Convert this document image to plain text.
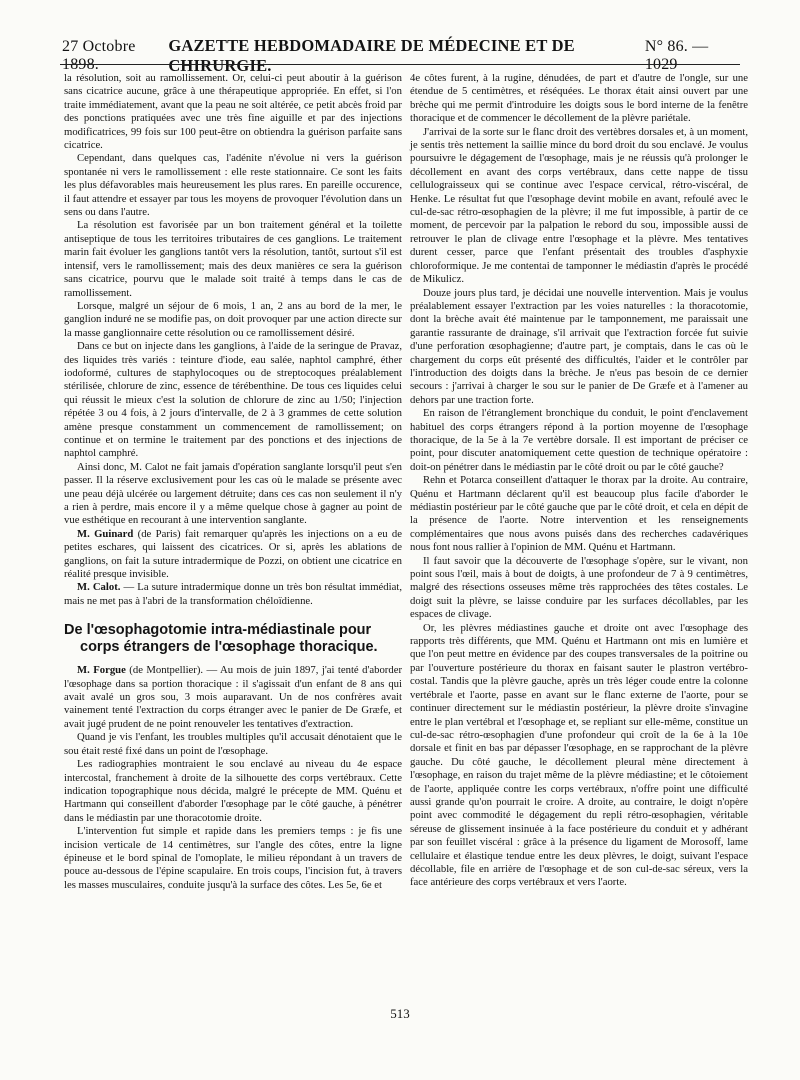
27 Octobre 1898.
GAZETTE HEBDOMADAIRE DE MÉDECINE ET DE CHIRURGIE.
N° 86. — 1029

la résolution, soit au ramollissement. Or, celui-ci peut aboutir à la guérison sans cicatrice aucune, grâce à une thérapeutique appropriée. En effet, si l'on traite immédiatement, avant que la peau ne soit altérée, ce petit abcès froid par des ponctions pratiquées avec une très fine aiguille et par des injections modificatrices, 99 fois sur 100 peut-être on obtiendra la guérison parfaite sans cicatrice.

Cependant, dans quelques cas, l'adénite n'évolue ni vers la guérison spontanée ni vers le ramollissement : elle reste stationnaire. Ce sont les faits les plus défavorables mais heureusement les plus rares. En pareille occurence, il faut attendre et essayer par tous les moyens de provoquer l'évolution dans un sens ou dans l'autre.

La résolution est favorisée par un bon traitement général et la toilette antiseptique de tous les territoires tributaires de ces ganglions. Le traitement marin fait évoluer les ganglions tantôt vers la résolution, tantôt, surtout s'il est intensif, vers le ramollissement; mais des deux manières ce sera la guérison sans cicatrice, pourvu que le malade soit traité à temps dans le cas de ramollissement.

Lorsque, malgré un séjour de 6 mois, 1 an, 2 ans au bord de la mer, le ganglion induré ne se modifie pas, on doit provoquer par une action directe sur la masse ganglionnaire cette résolution ou ce ramollissement désiré.

Dans ce but on injecte dans les ganglions, à l'aide de la seringue de Pravaz, des liquides très variés : teinture d'iode, eau salée, naphtol camphré, éther iodoformé, cultures de staphylocoques ou de streptocoques préalablement stérilisée, chlorure de zinc, essence de térébenthine. De tous ces liquides celui qui réussit le mieux c'est la solution de chlorure de zinc au 1/50; l'injection répétée 3 ou 4 fois, à 2 jours d'intervalle, de 2 à 3 grammes de cette solution amène presque constamment un commencement de ramollissement; on continue et on termine le traitement par des ponctions et des injections de naphtol camphré.

Ainsi donc, M. Calot ne fait jamais d'opération sanglante lorsqu'il peut s'en passer. Il la réserve exclusivement pour les cas où le malade se présente avec une peau déjà ulcérée ou largement détruite; dans ces cas non seulement il n'y a rien à perdre, mais encore il y a même quelque chose à gagner au point de vue esthétique en recourant à une intervention sanglante.

M. Guinard (de Paris) fait remarquer qu'après les injections on a eu de petites eschares, qui laissent des cicatrices. Or si, après les ablations de ganglions, on fait la suture intradermique de Pozzi, on obtient une cicatrice en réalité presque invisible.

M. Calot. — La suture intradermique donne un très bon résultat immédiat, mais ne met pas à l'abri de la transformation chéloïdienne.

De l'œsophagotomie intra-médiastinale pour
corps étrangers de l'œsophage thoracique.

M. Forgue (de Montpellier). — Au mois de juin 1897, j'ai tenté d'aborder l'œsophage dans sa portion thoracique : il s'agissait d'un enfant de 8 ans qui avait avalé un gros sou, 3 mois auparavant. Un de nos confrères avait vainement tenté l'extraction du corps étranger avec le panier de De Græfe, et avait jugé prudent de ne point renouveler les tentatives d'extraction.

Quand je vis l'enfant, les troubles multiples qu'il accusait dénotaient que le sou était resté fixé dans un point de l'œsophage.

Les radiographies montraient le sou enclavé au niveau du 4e espace intercostal, franchement à droite de la silhouette des corps vertébraux. Cette indication topographique nous décida, malgré le précepte de MM. Quénu et Hartmann qui conseillent d'aborder l'œsophage par le côté gauche, à pénétrer dans le médiastin par une thoracotomie droite.

L'intervention fut simple et rapide dans les premiers temps : je fis une incision verticale de 14 centimètres, sur l'angle des côtes, entre la ligne épineuse et le bord spinal de l'omoplate, le milieu répondant à un travers de pouce au-dessous de l'épine scapulaire. En trois coups, l'incision fut, à travers les masses musculaires, conduite jusqu'à la surface des côtes. Les 5e, 6e et

4e côtes furent, à la rugine, dénudées, de part et d'autre de l'ongle, sur une étendue de 5 centimètres, et réséquées. Le thorax était ainsi ouvert par une brèche qui me permit d'introduire les doigts sous le bord interne de la fenêtre thoracique et de commencer le décollement de la plèvre pariétale.

J'arrivai de la sorte sur le flanc droit des vertèbres dorsales et, à un moment, je sentis très nettement la saillie mince du bord droit du sou enclavé. Je voulus poursuivre le dégagement de l'œsophage, mais je ne réussis qu'à prolonger le décollement en avant des corps vertébraux, dans cette nappe de tissu cellulograisseux qui se continue avec l'espace cervical, rétro-viscéral, de Henke. Le résultat fut que l'œsophage devint mobile en avant, refoulé avec le cul-de-sac rétro-œsophagien de la plèvre; il me fut impossible, à partir de ce moment, de percevoir par la palpation le rebord du sou, impossible aussi de retrouver le plan de clivage entre l'œsophage et la plèvre. Mes tentatives durent cesser, parce que l'enfant présentait des troubles d'asphyxie chloroformique. Je me contentai de tamponner le médiastin d'après le procédé de Mikulicz.

Douze jours plus tard, je décidai une nouvelle intervention. Mais je voulus préalablement essayer l'extraction par les voies naturelles : la thoracotomie, dont la brèche avait été maintenue par le tamponnement, me paraissait une garantie rassurante de drainage, s'il arrivait que l'extraction forcée fut suivie d'une perforation œsophagienne; d'autre part, je comptais, dans le cas où le chargement du corps eût présenté des difficultés, l'aider et le contrôler par l'introduction des doigts dans la brèche. Je n'eus pas besoin de ce dernier secours : j'arrivai à charger le sou sur le panier de De Græfe et à l'amener au dehors par une traction forte.

En raison de l'étranglement bronchique du conduit, le point d'enclavement habituel des corps étrangers répond à la portion moyenne de l'œsophage thoracique, de la 5e à la 7e vertèbre dorsale. Il est important de préciser ce point, pour discuter anatomiquement cette question de technique opératoire : doit-on pénétrer dans le médiastin par le côté droit ou par le côté gauche?

Rehn et Potarca conseillent d'attaquer le thorax par la droite. Au contraire, Quénu et Hartmann déclarent qu'il est beaucoup plus facile d'aborder le médiastin postérieur par le côté gauche que par le côté droit, et cela en dépit de la présence de l'aorte. Notre intervention et les renseignements complémentaires que nous avons puisés dans des recherches cadavériques nous font nous rallier à l'opinion de MM. Quénu et Hartmann.

Il faut savoir que la découverte de l'œsophage s'opère, sur le vivant, non point sous l'œil, mais à bout de doigts, à une profondeur de 7 à 9 centimètres, malgré des résections osseuses même très rapprochées des têtes costales. Le doigt suit la plèvre, se laisse conduire par les surfaces décollables, par les espaces de clivage.

Or, les plèvres médiastines gauche et droite ont avec l'œsophage des rapports très différents, que MM. Quénu et Hartmann ont mis en lumière et que l'on peut mettre en évidence par des coupes transversales de la poitrine ou par l'ouverture postérieure du thorax en faisant sauter le plastron vertébro-costal. Tandis que la plèvre gauche, après un très léger coude entre la colonne vertébrale et l'aorte, passe en avant sur le flanc externe de l'aorte, pour se continuer directement sur le médiastin postérieur, la plèvre droite s'invagine entre le plan vertébral et l'œsophage et, se repliant sur elle-même, constitue un cul-de-sac rétro-œsophagien d'une profondeur qui croît de la 6e à la 10e dorsale et finit en bas par dépasser l'œsophage, en se rapprochant de la plèvre gauche. Du côté gauche, le décollement pleural mène directement à l'œsophage, en raison du trajet même de la plèvre médiastine; et le côtoiement de l'aorte, appliquée contre les corps vertébraux, n'offre point une difficulté aussi grande qu'on pourrait le croire. A droite, au contraire, le doigt n'opère point avec commodité le dégagement du repli rétro-œsophagien, véritable séreuse de glissement insinuée à la face postérieure du conduit et y adhérant par son feuillet viscéral : grâce à la présence du ligament de Morosoff, lame cellulaire et élastique tendue entre les deux plèvres, le doigt, suivant l'espace décollable, file en arrière de l'œsophage et de son cul-de-sac séreux, vers la face antérieure des corps vertébraux et vers l'aorte.

513
